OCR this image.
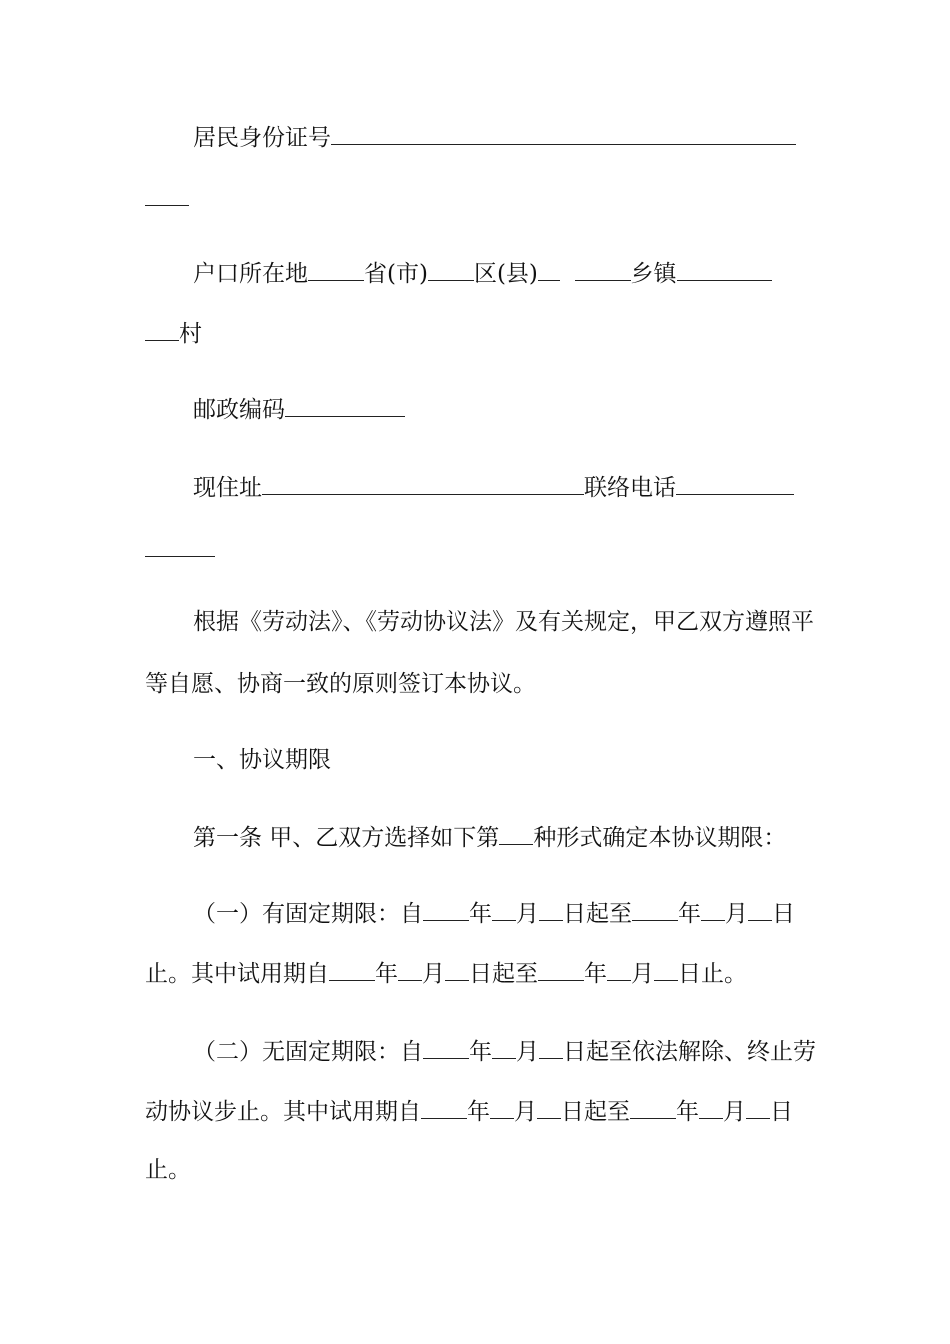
居民身份证号
户口所在地 省(市) 区(县)	乡镇
村
邮政编码
现住址	联络电话
根据《劳动法》、《劳动协议法》及有关规定，甲乙双方遵照平
等自愿、协商一致的原则签订本协议。
一、协议期限
第一条 甲、乙双方选择如下第 种形式确定本协议期限：
（一）有固定期限：自 年 月 日起至 年 月 日
止。其中试用期自 年 月 日起至 年 月 日止。
（二）无固定期限：自 年 月 日起至依法解除、终止劳
动协议步止。其中试用期自 年 月 日起至 年 月 日
止。
